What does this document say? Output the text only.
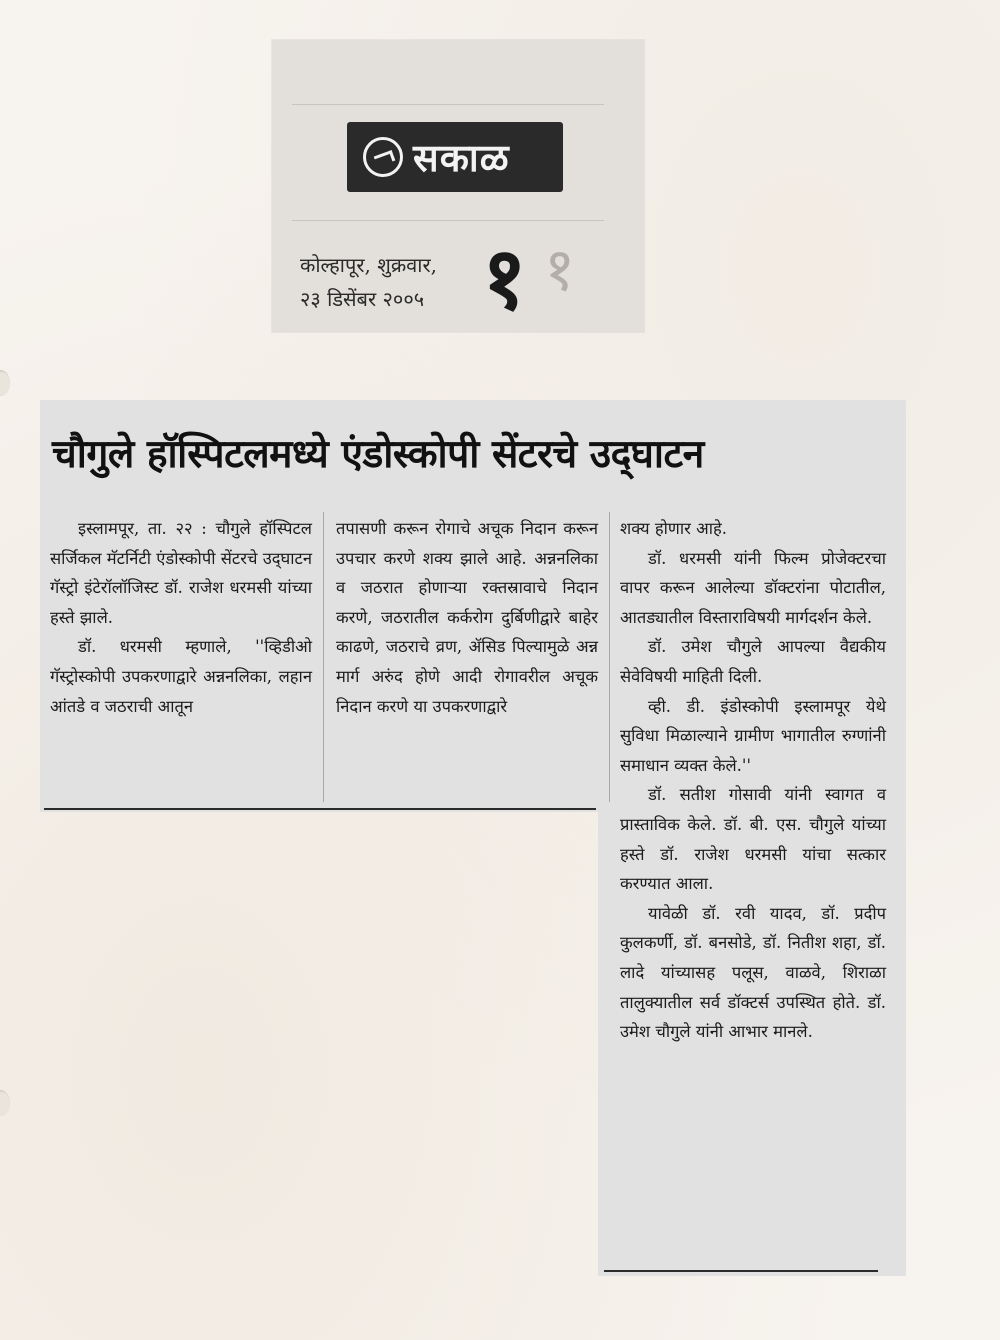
सकाळ
कोल्हापूर, शुक्रवार,
२३ डिसेंबर २००५ १ १
चौगुले हॉस्पिटलमध्ये एंडोस्कोपी सेंटरचे उद्‌घाटन

इस्लामपूर, ता. २२ : चौगुले हॉस्पिटल सर्जिकल मॅटर्निटी एंडोस्कोपी सेंटरचे उद्‌घाटन गॅस्ट्रो इंटेरॉलॉजिस्ट डॉ. राजेश धरमसी यांच्या हस्ते झाले.

डॉ. धरमसी म्हणाले, ''व्हिडीओ गॅस्ट्रोस्कोपी उपकरणाद्वारे अन्ननलिका, लहान आंतडे व जठराची आतून

तपासणी करून रोगाचे अचूक निदान करून उपचार करणे शक्य झाले आहे. अन्ननलिका व जठरात होणाऱ्या रक्तस्रावाचे निदान करणे, जठरातील कर्करोग दुर्बिणीद्वारे बाहेर काढणे, जठराचे व्रण, ॲसिड पिल्यामुळे अन्न मार्ग अरुंद होणे आदी रोगावरील अचूक निदान करणे या उपकरणाद्वारे

शक्य होणार आहे.

डॉ. धरमसी यांनी फिल्म प्रोजेक्टरचा वापर करून आलेल्या डॉक्टरांना पोटातील, आतड्यातील विस्ताराविषयी मार्गदर्शन केले.

डॉ. उमेश चौगुले आपल्या वैद्यकीय सेवेविषयी माहिती दिली.

व्ही. डी. इंडोस्कोपी इस्लामपूर येथे सुविधा मिळाल्याने ग्रामीण भागातील रुग्णांनी समाधान व्यक्त केले.''

डॉ. सतीश गोसावी यांनी स्वागत व प्रास्ताविक केले. डॉ. बी. एस. चौगुले यांच्या हस्ते डॉ. राजेश धरमसी यांचा सत्कार करण्यात आला.

यावेळी डॉ. रवी यादव, डॉ. प्रदीप कुलकर्णी, डॉ. बनसोडे, डॉ. नितीश शहा, डॉ. लादे यांच्यासह पलूस, वाळवे, शिराळा तालुक्यातील सर्व डॉक्टर्स उपस्थित होते. डॉ. उमेश चौगुले यांनी आभार मानले.
